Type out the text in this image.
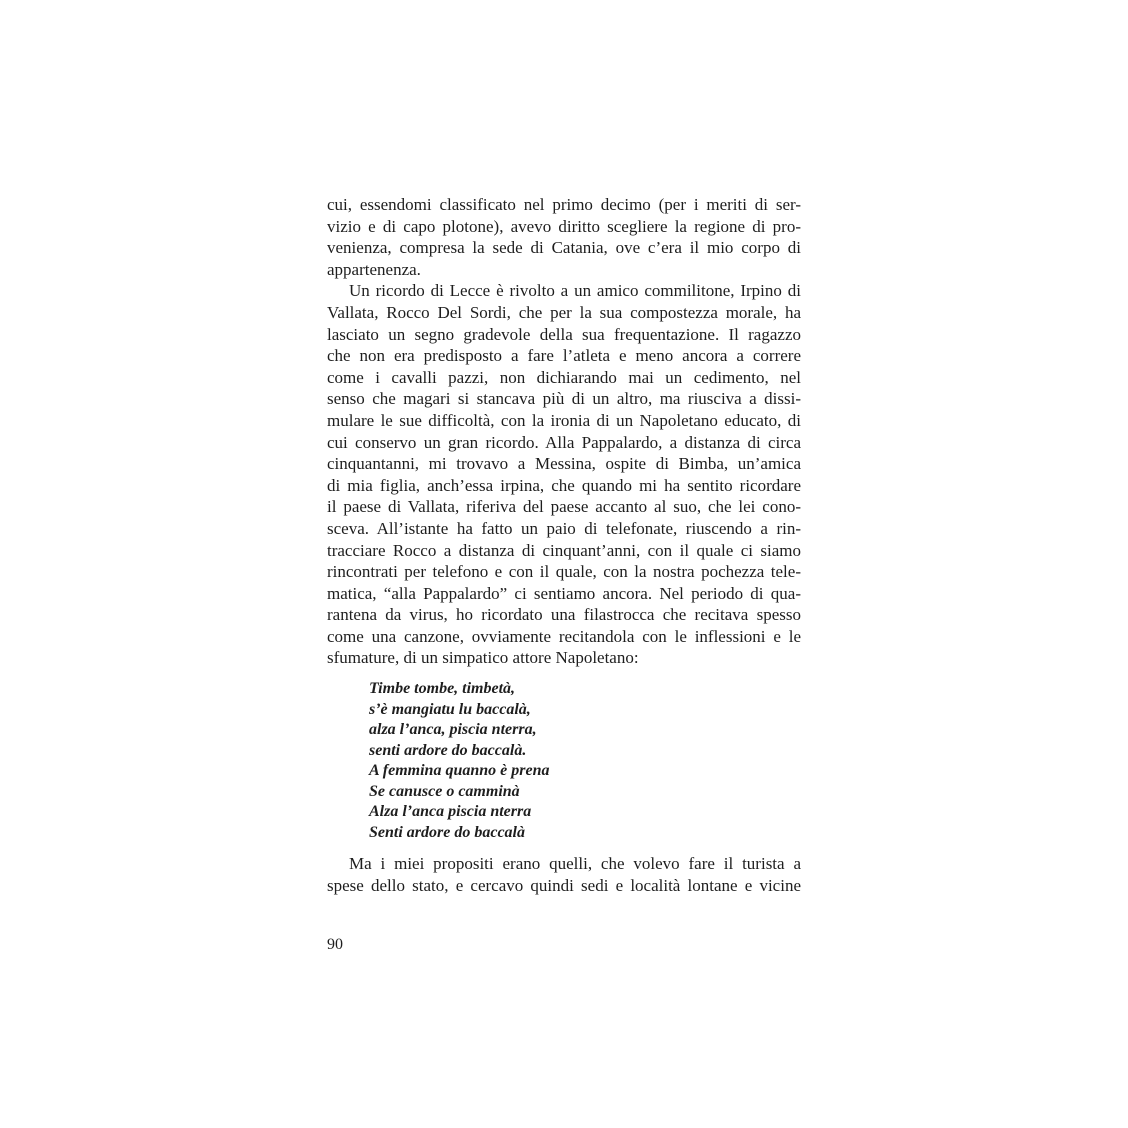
cui, essendomi classificato nel primo decimo (per i meriti di ser-
vizio e di capo plotone), avevo diritto scegliere la regione di pro-
venienza, compresa la sede di Catania, ove c’era il mio corpo di
appartenenza.
Un ricordo di Lecce è rivolto a un amico commilitone, Irpino di
Vallata, Rocco Del Sordi, che per la sua compostezza morale, ha
lasciato un segno gradevole della sua frequentazione. Il ragazzo
che non era predisposto a fare l’atleta e meno ancora a correre
come i cavalli pazzi, non dichiarando mai un cedimento, nel
senso che magari si stancava più di un altro, ma riusciva a dissi-
mulare le sue difficoltà, con la ironia di un Napoletano educato, di
cui conservo un gran ricordo. Alla Pappalardo, a distanza di circa
cinquantanni, mi trovavo a Messina, ospite di Bimba, un’amica
di mia figlia, anch’essa irpina, che quando mi ha sentito ricordare
il paese di Vallata, riferiva del paese accanto al suo, che lei cono-
sceva. All’istante ha fatto un paio di telefonate, riuscendo a rin-
tracciare Rocco a distanza di cinquant’anni, con il quale ci siamo
rincontrati per telefono e con il quale, con la nostra pochezza tele-
matica, “alla Pappalardo” ci sentiamo ancora. Nel periodo di qua-
rantena da virus, ho ricordato una filastrocca che recitava spesso
come una canzone, ovviamente recitandola con le inflessioni e le
sfumature, di un simpatico attore Napoletano:
Timbe tombe, timbetà,
s’è mangiatu lu baccalà,
alza l’anca, piscia nterra,
senti ardore do baccalà.
A femmina quanno è prena
Se canusce o camminà
Alza l’anca piscia nterra
Senti ardore do baccalà
Ma i miei propositi erano quelli, che volevo fare il turista a
spese dello stato, e cercavo quindi sedi e località lontane e vicine
90
